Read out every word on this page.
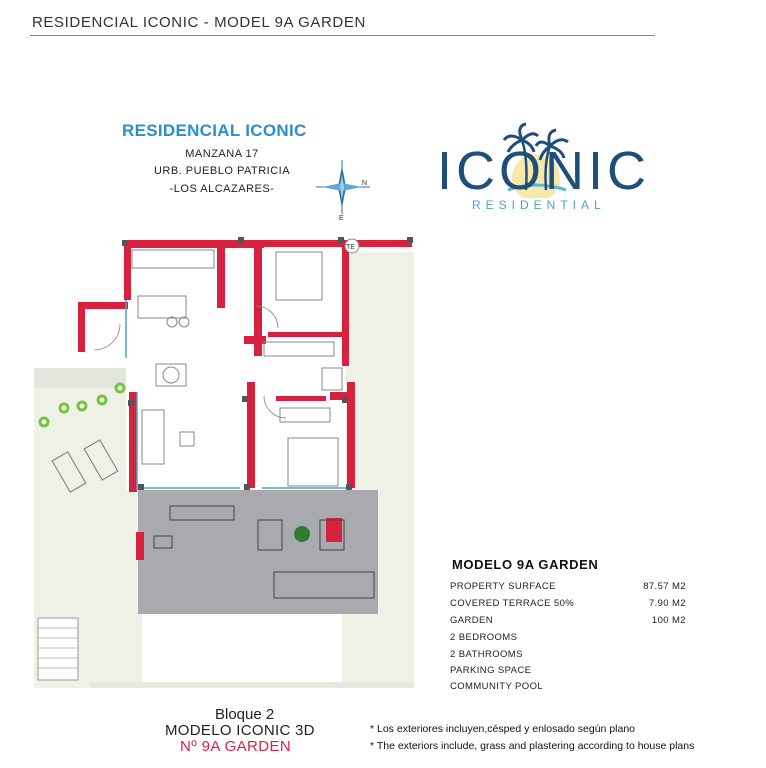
RESIDENCIAL ICONIC - MODEL 9A GARDEN
RESIDENCIAL ICONIC
MANZANA 17
URB. PUEBLO PATRICIA
-LOS ALCAZARES-	N
E
ICONIC
RESIDENTIAL
TE
MODELO 9A GARDEN
PROPERTY SURFACE	87.57 M2
COVERED TERRACE 50%	7.90 M2
GARDEN	100 M2
2 BEDROOMS
2 BATHROOMS
PARKING SPACE
COMMUNITY POOL
Bloque 2
MODELO ICONIC 3D
Nº 9A GARDEN
* Los exteriores incluyen,césped y enlosado según plano
* The exteriors include, grass and plastering according to house plans
